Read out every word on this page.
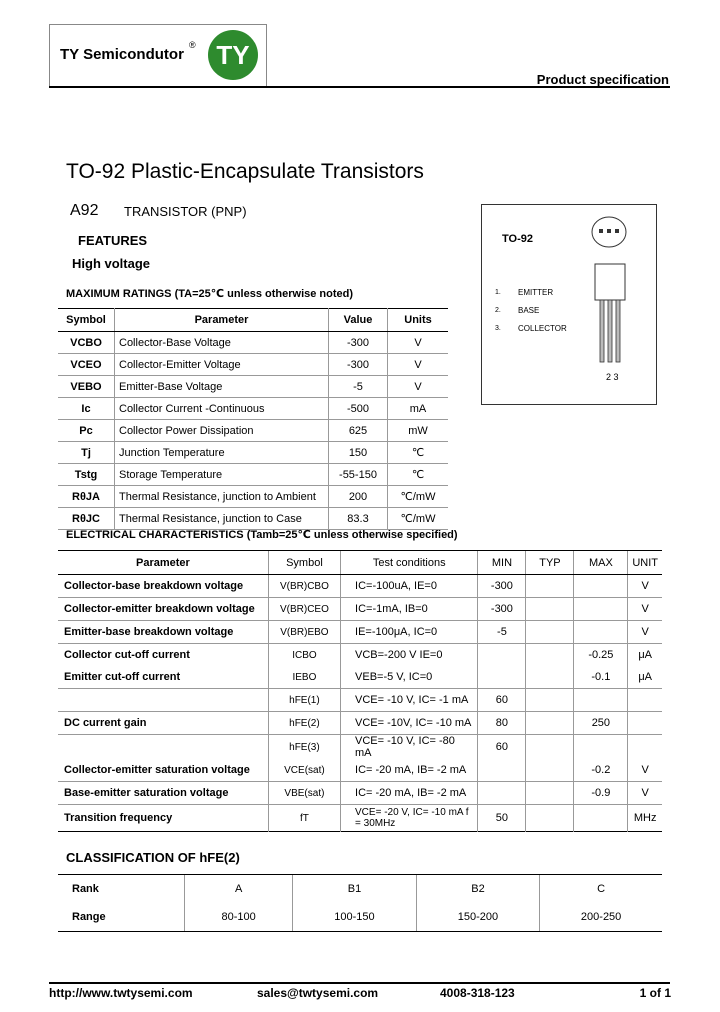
TY Semicondutor
® TY
Product specification
TO-92 Plastic-Encapsulate Transistors
A92 TRANSISTOR (PNP)
FEATURES
High voltage
MAXIMUM RATINGS (TA=25℃ unless otherwise noted)
Symbol	Parameter	Value	Units
VCBO	Collector-Base Voltage	-300	V
VCEO	Collector-Emitter Voltage	-300	V
VEBO	Emitter-Base Voltage	-5	V
Ic	Collector Current -Continuous	-500	mA
Pc	Collector Power Dissipation	625	mW
Tj	Junction Temperature	150	℃
Tstg	Storage Temperature	-55-150	℃
RθJA	Thermal Resistance, junction to Ambient	200	℃/mW
RθJC	Thermal Resistance, junction to Case	83.3	℃/mW
TO-92
1. EMITTER
2. BASE
3. COLLECTOR
2 3
ELECTRICAL CHARACTERISTICS (Tamb=25℃ unless otherwise specified)
Parameter	Symbol	Test conditions	MIN	TYP	MAX	UNIT
Collector-base breakdown voltage	V(BR)CBO	IC=-100uA, IE=0	-300			V
Collector-emitter breakdown voltage	V(BR)CEO	IC=-1mA, IB=0	-300			V
Emitter-base breakdown voltage	V(BR)EBO	IE=-100μA, IC=0	-5			V
Collector cut-off current	ICBO	VCB=-200 V IE=0			-0.25	μA
Emitter cut-off current	IEBO	VEB=-5 V, IC=0			-0.1	μA
	hFE(1)	VCE= -10 V, IC= -1 mA	60			
DC current gain	hFE(2)	VCE= -10V, IC= -10 mA	80		250	
	hFE(3)	VCE= -10 V, IC= -80 mA	60			
Collector-emitter saturation voltage	VCE(sat)	IC= -20 mA, IB= -2 mA			-0.2	V
Base-emitter saturation voltage	VBE(sat)	IC= -20 mA, IB= -2 mA			-0.9	V
Transition frequency	fT	VCE= -20 V, IC= -10 mA f = 30MHz	50			MHz
CLASSIFICATION OF hFE(2)
Rank	A	B1	B2	C
Range	80-100	100-150	150-200	200-250
http://www.twtysemi.com	sales@twtysemi.com	4008-318-123	1 of 1
